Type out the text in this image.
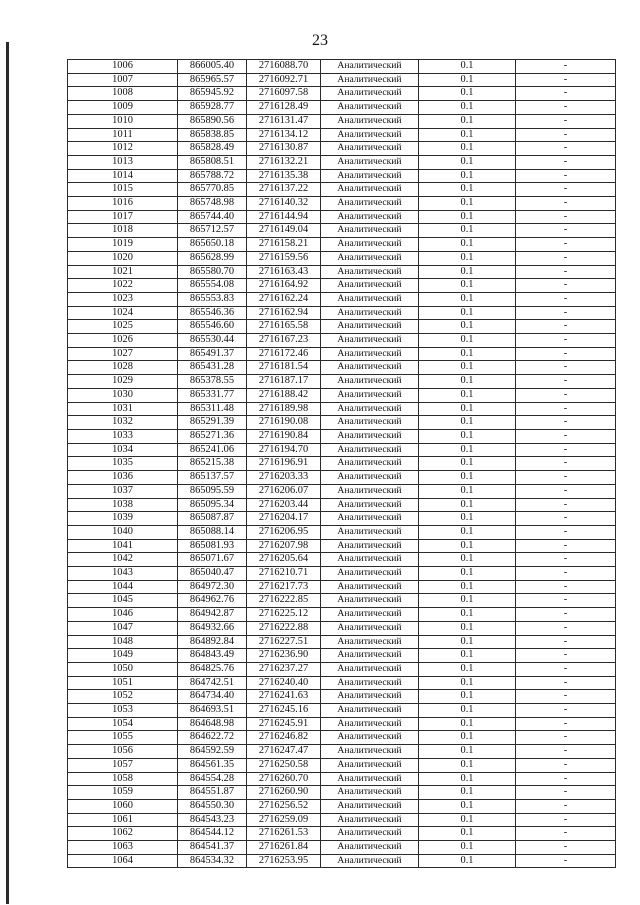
23
1006	866005.40	2716088.70	Аналитический	0.1	-
1007	865965.57	2716092.71	Аналитический	0.1	-
1008	865945.92	2716097.58	Аналитический	0.1	-
1009	865928.77	2716128.49	Аналитический	0.1	-
1010	865890.56	2716131.47	Аналитический	0.1	-
1011	865838.85	2716134.12	Аналитический	0.1	-
1012	865828.49	2716130.87	Аналитический	0.1	-
1013	865808.51	2716132.21	Аналитический	0.1	-
1014	865788.72	2716135.38	Аналитический	0.1	-
1015	865770.85	2716137.22	Аналитический	0.1	-
1016	865748.98	2716140.32	Аналитический	0.1	-
1017	865744.40	2716144.94	Аналитический	0.1	-
1018	865712.57	2716149.04	Аналитический	0.1	-
1019	865650.18	2716158.21	Аналитический	0.1	-
1020	865628.99	2716159.56	Аналитический	0.1	-
1021	865580.70	2716163.43	Аналитический	0.1	-
1022	865554.08	2716164.92	Аналитический	0.1	-
1023	865553.83	2716162.24	Аналитический	0.1	-
1024	865546.36	2716162.94	Аналитический	0.1	-
1025	865546.60	2716165.58	Аналитический	0.1	-
1026	865530.44	2716167.23	Аналитический	0.1	-
1027	865491.37	2716172.46	Аналитический	0.1	-
1028	865431.28	2716181.54	Аналитический	0.1	-
1029	865378.55	2716187.17	Аналитический	0.1	-
1030	865331.77	2716188.42	Аналитический	0.1	-
1031	865311.48	2716189.98	Аналитический	0.1	-
1032	865291.39	2716190.08	Аналитический	0.1	-
1033	865271.36	2716190.84	Аналитический	0.1	-
1034	865241.06	2716194.70	Аналитический	0.1	-
1035	865215.38	2716196.91	Аналитический	0.1	-
1036	865137.57	2716203.33	Аналитический	0.1	-
1037	865095.59	2716206.07	Аналитический	0.1	-
1038	865095.34	2716203.44	Аналитический	0.1	-
1039	865087.87	2716204.17	Аналитический	0.1	-
1040	865088.14	2716206.95	Аналитический	0.1	-
1041	865081.93	2716207.98	Аналитический	0.1	-
1042	865071.67	2716205.64	Аналитический	0.1	-
1043	865040.47	2716210.71	Аналитический	0.1	-
1044	864972.30	2716217.73	Аналитический	0.1	-
1045	864962.76	2716222.85	Аналитический	0.1	-
1046	864942.87	2716225.12	Аналитический	0.1	-
1047	864932.66	2716222.88	Аналитический	0.1	-
1048	864892.84	2716227.51	Аналитический	0.1	-
1049	864843.49	2716236.90	Аналитический	0.1	-
1050	864825.76	2716237.27	Аналитический	0.1	-
1051	864742.51	2716240.40	Аналитический	0.1	-
1052	864734.40	2716241.63	Аналитический	0.1	-
1053	864693.51	2716245.16	Аналитический	0.1	-
1054	864648.98	2716245.91	Аналитический	0.1	-
1055	864622.72	2716246.82	Аналитический	0.1	-
1056	864592.59	2716247.47	Аналитический	0.1	-
1057	864561.35	2716250.58	Аналитический	0.1	-
1058	864554.28	2716260.70	Аналитический	0.1	-
1059	864551.87	2716260.90	Аналитический	0.1	-
1060	864550.30	2716256.52	Аналитический	0.1	-
1061	864543.23	2716259.09	Аналитический	0.1	-
1062	864544.12	2716261.53	Аналитический	0.1	-
1063	864541.37	2716261.84	Аналитический	0.1	-
1064	864534.32	2716253.95	Аналитический	0.1	-
